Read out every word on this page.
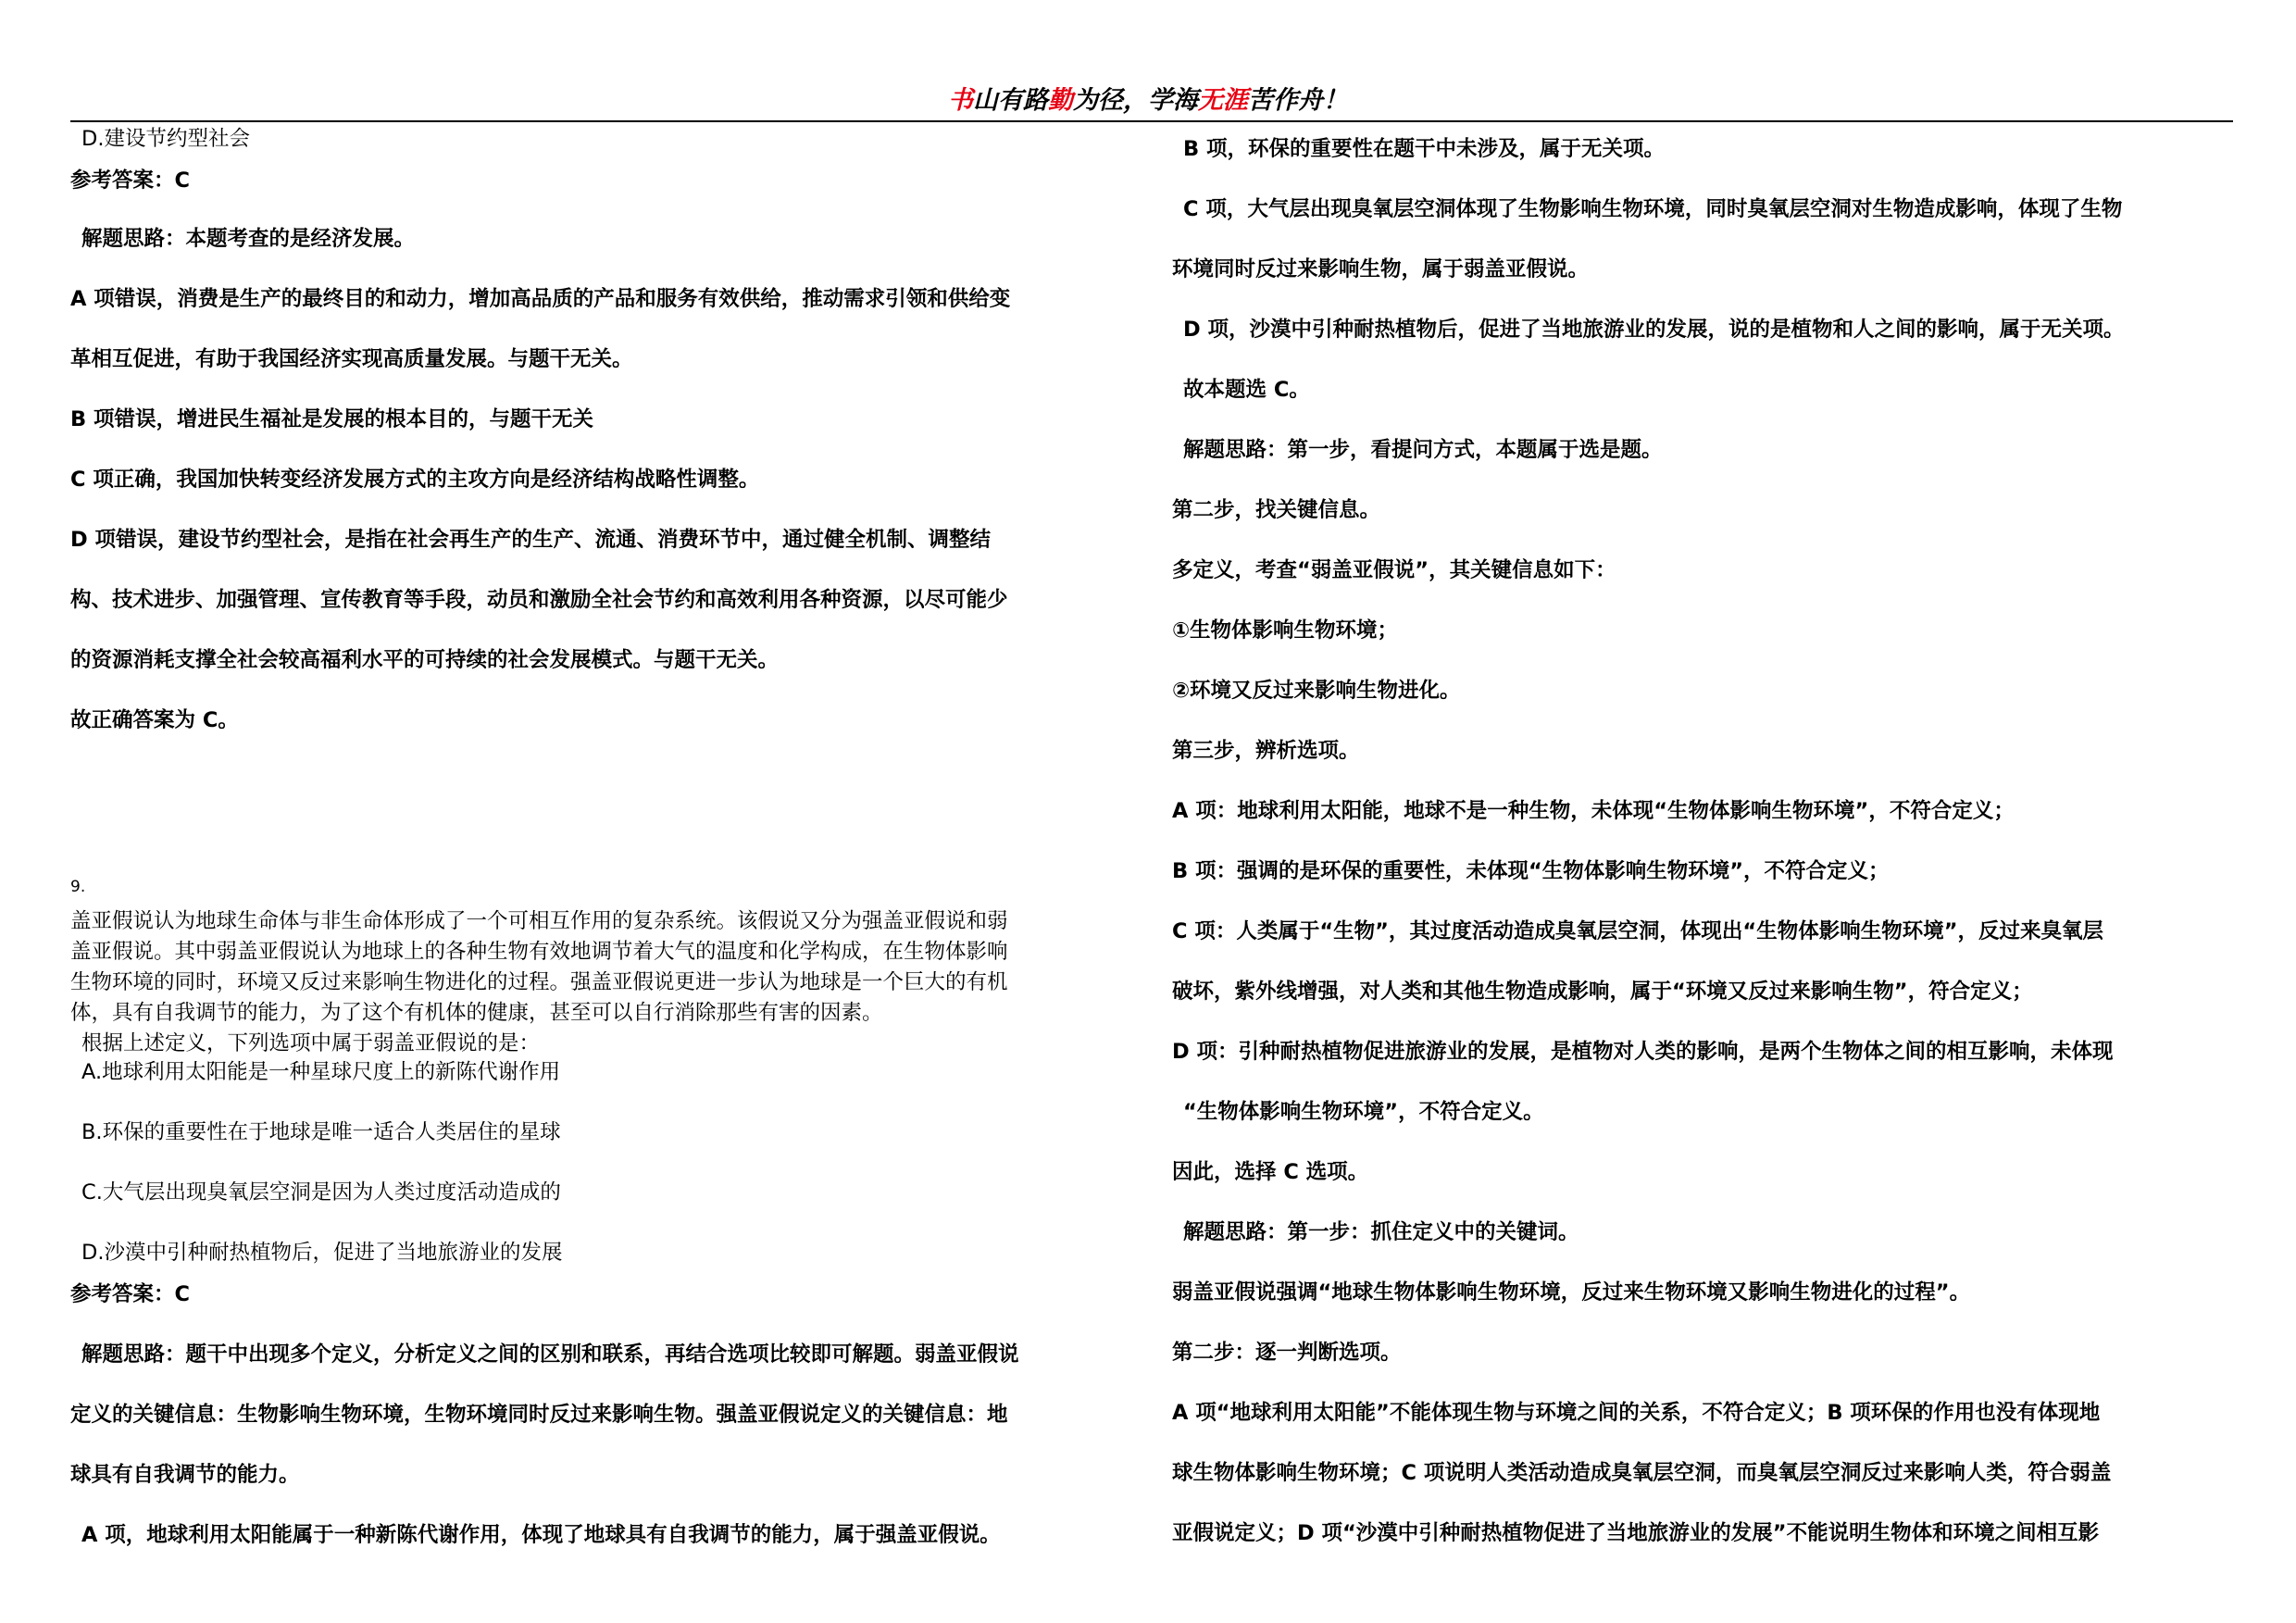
书山有路勤为径，学海无涯苦作舟！
D.建设节约型社会
参考答案：C
解题思路：本题考查的是经济发展。
A 项错误，消费是生产的最终目的和动力，增加高品质的产品和服务有效供给，推动需求引领和供给变
革相互促进，有助于我国经济实现高质量发展。与题干无关。
B 项错误，增进民生福祉是发展的根本目的，与题干无关
C 项正确，我国加快转变经济发展方式的主攻方向是经济结构战略性调整。
D 项错误，建设节约型社会，是指在社会再生产的生产、流通、消费环节中，通过健全机制、调整结
构、技术进步、加强管理、宣传教育等手段，动员和激励全社会节约和高效利用各种资源，以尽可能少
的资源消耗支撑全社会较高福利水平的可持续的社会发展模式。与题干无关。
故正确答案为 C。
9.
盖亚假说认为地球生命体与非生命体形成了一个可相互作用的复杂系统。该假说又分为强盖亚假说和弱
盖亚假说。其中弱盖亚假说认为地球上的各种生物有效地调节着大气的温度和化学构成，在生物体影响
生物环境的同时，环境又反过来影响生物进化的过程。强盖亚假说更进一步认为地球是一个巨大的有机
体，具有自我调节的能力，为了这个有机体的健康，甚至可以自行消除那些有害的因素。
根据上述定义，下列选项中属于弱盖亚假说的是：
A.地球利用太阳能是一种星球尺度上的新陈代谢作用
B.环保的重要性在于地球是唯一适合人类居住的星球
C.大气层出现臭氧层空洞是因为人类过度活动造成的
D.沙漠中引种耐热植物后，促进了当地旅游业的发展
参考答案：C
解题思路：题干中出现多个定义，分析定义之间的区别和联系，再结合选项比较即可解题。弱盖亚假说
定义的关键信息：生物影响生物环境，生物环境同时反过来影响生物。强盖亚假说定义的关键信息：地
球具有自我调节的能力。
A 项，地球利用太阳能属于一种新陈代谢作用，体现了地球具有自我调节的能力，属于强盖亚假说。
B 项，环保的重要性在题干中未涉及，属于无关项。
C 项，大气层出现臭氧层空洞体现了生物影响生物环境，同时臭氧层空洞对生物造成影响，体现了生物
环境同时反过来影响生物，属于弱盖亚假说。
D 项，沙漠中引种耐热植物后，促进了当地旅游业的发展，说的是植物和人之间的影响，属于无关项。
故本题选 C。
解题思路：第一步，看提问方式，本题属于选是题。
第二步，找关键信息。
多定义，考查“弱盖亚假说”，其关键信息如下：
①生物体影响生物环境；
②环境又反过来影响生物进化。
第三步，辨析选项。
A 项：地球利用太阳能，地球不是一种生物，未体现“生物体影响生物环境”，不符合定义；
B 项：强调的是环保的重要性，未体现“生物体影响生物环境”，不符合定义；
C 项：人类属于“生物”，其过度活动造成臭氧层空洞，体现出“生物体影响生物环境”，反过来臭氧层
破坏，紫外线增强，对人类和其他生物造成影响，属于“环境又反过来影响生物”，符合定义；
D 项：引种耐热植物促进旅游业的发展，是植物对人类的影响，是两个生物体之间的相互影响，未体现
“生物体影响生物环境”，不符合定义。
因此，选择 C 选项。
解题思路：第一步：抓住定义中的关键词。
弱盖亚假说强调“地球生物体影响生物环境，反过来生物环境又影响生物进化的过程”。
第二步：逐一判断选项。
A 项“地球利用太阳能”不能体现生物与环境之间的关系，不符合定义；B 项环保的作用也没有体现地
球生物体影响生物环境；C 项说明人类活动造成臭氧层空洞，而臭氧层空洞反过来影响人类，符合弱盖
亚假说定义；D 项“沙漠中引种耐热植物促进了当地旅游业的发展”不能说明生物体和环境之间相互影
